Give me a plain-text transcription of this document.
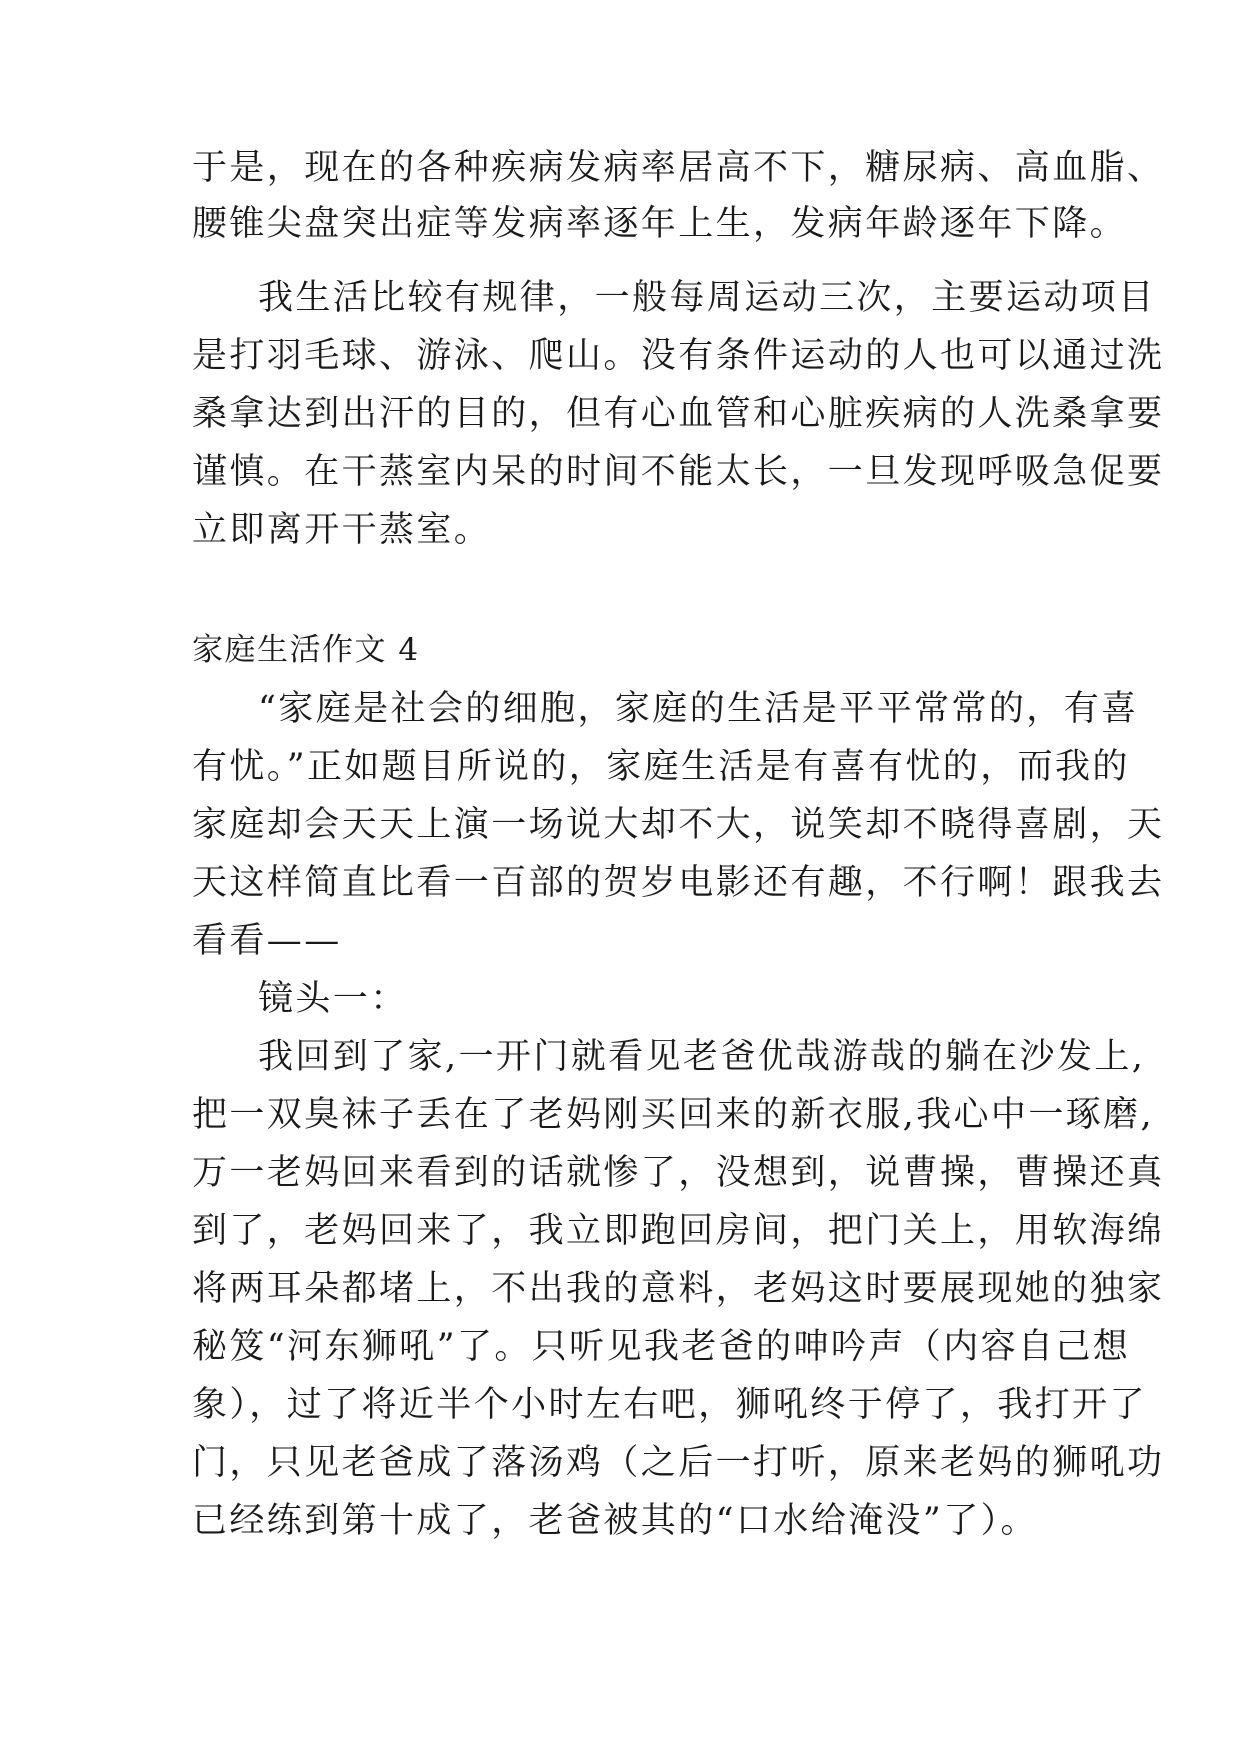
于是，现在的各种疾病发病率居高不下，糖尿病、高血脂、

腰锥尖盘突出症等发病率逐年上生，发病年龄逐年下降。

我生活比较有规律，一般每周运动三次，主要运动项目

是打羽毛球、游泳、爬山。没有条件运动的人也可以通过洗

桑拿达到出汗的目的，但有心血管和心脏疾病的人洗桑拿要

谨慎。在干蒸室内呆的时间不能太长，一旦发现呼吸急促要

立即离开干蒸室。

家庭生活作文 4

“家庭是社会的细胞，家庭的生活是平平常常的，有喜

有忧。”正如题目所说的，家庭生活是有喜有忧的，而我的

家庭却会天天上演一场说大却不大，说笑却不晓得喜剧，天

天这样简直比看一百部的贺岁电影还有趣，不行啊！跟我去

看看——

镜头一：

我回到了家,一开门就看见老爸优哉游哉的躺在沙发上,

把一双臭袜子丢在了老妈刚买回来的新衣服,我心中一琢磨,

万一老妈回来看到的话就惨了，没想到，说曹操，曹操还真

到了，老妈回来了，我立即跑回房间，把门关上，用软海绵

将两耳朵都堵上，不出我的意料，老妈这时要展现她的独家

秘笈“河东狮吼”了。只听见我老爸的呻吟声（内容自己想

象），过了将近半个小时左右吧，狮吼终于停了，我打开了

门，只见老爸成了落汤鸡（之后一打听，原来老妈的狮吼功

已经练到第十成了，老爸被其的“口水给淹没”了）。
